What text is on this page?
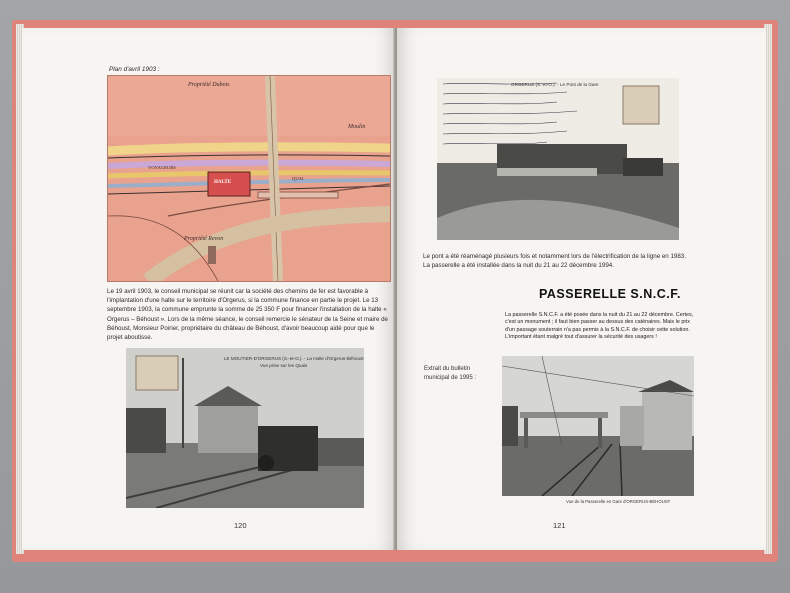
Plan d'avril 1903 :
Propriété Dubois
Propriété Revon
VOYAGEURS
QUAI
HALTE
Moulin
Le 19 avril 1903, le conseil municipal se réunit car la société des chemins de fer est favorable à l'implantation d'une halte sur le territoire d'Orgerus, si la commune finance en partie le projet. Le 13 septembre 1903, la commune emprunte la somme de 25 350 F pour financer l'installation de la halte « Orgerus – Béhoust ». Lors de la même séance, le conseil remercie le sénateur de la Seine et maire de Béhoust, Monsieur Poirier, propriétaire du château de Béhoust, d'avoir beaucoup aidé pour que le projet aboutisse.
LE MOUTIER-D'ORGERUS (S.-et-O.). - La Halte d'Orgerus-Béhoust
Vue prise sur les Quais
120
ORGERUS (S.-et-O.). - Le Pont de la Gare
Le pont a été réaménagé plusieurs fois et notamment lors de l'électrification de la ligne en 1983. La passerelle a été installée dans la nuit du 21 au 22 décembre 1994.
PASSERELLE S.N.C.F.
La passerelle S.N.C.F. a été posée dans la nuit du 21 au 22 décembre. Certes, c'est un monument ; il faut bien passer au dessus des caténaires. Mais le prix d'un passage souterrain n'a pas permis à la S.N.C.F. de choisir cette solution. L'important étant malgré tout d'assurer la sécurité des usagers !
Extrait du bulletin municipal de 1995 :
Vue de la Passerelle en Gare d'ORGERUS-BÉHOUST
121
